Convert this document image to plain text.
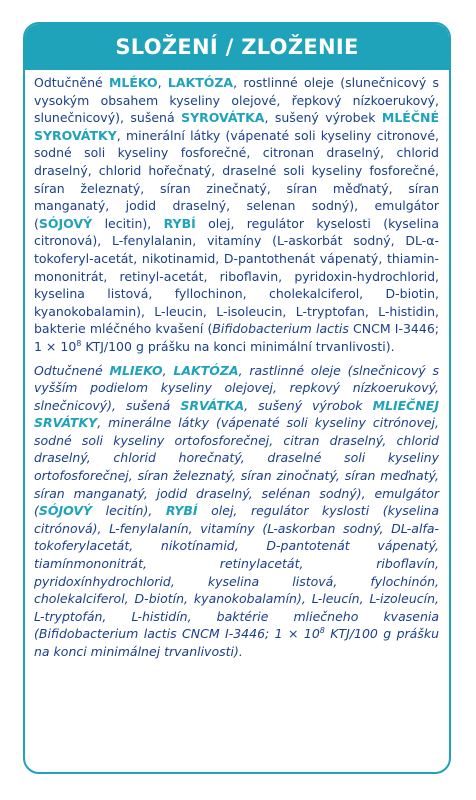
SLOŽENÍ / ZLOŽENIE

Odtučněné MLÉKO, LAKTÓZA, rostlinné oleje (slunečnicový s vysokým obsahem kyseliny olejové, řepkový nízkoerukový, slunečnicový), sušená SYROVÁTKA, sušený výrobek MLÉČNÉ SYROVÁTKY, minerální látky (vápenaté soli kyseliny citronové, sodné soli kyseliny fosforečné, citronan draselný, chlorid draselný, chlorid hořečnatý, draselné soli kyseliny fosforečné, síran železnatý, síran zinečnatý, síran měďnatý, síran manganatý, jodid draselný, selenan sodný), emulgátor (SÓJOVÝ lecitin), RYBÍ olej, regulátor kyselosti (kyselina citronová), L-fenylalanin, vitamíny (L-askorbát sodný, DL-α-tokoferyl-acetát, nikotinamid, D-pantothenát vápenatý, thiamin-mononitrát, retinyl-acetát, riboflavin, pyridoxin-hydrochlorid, kyselina listová, fyllochinon, cholekalciferol, D-biotin, kyanokobalamin), L-leucin, L-isoleucin, L-tryptofan, L-histidin, bakterie mléčného kvašení (Bifidobacterium lactis CNCM I-3446; $1 \times 10^8$ KTJ/100 g prášku na konci minimální trvanlivosti).

Odtučnené MLIEKO, LAKTÓZA, rastlinné oleje (slnečnicový s vyšším podielom kyseliny olejovej, repkový nízkoerukový, slnečnicový), sušená SRVÁTKA, sušený výrobok MLIEČNEJ SRVÁTKY, minerálne látky (vápenaté soli kyseliny citrónovej, sodné soli kyseliny ortofosforečnej, citran draselný, chlorid draselný, chlorid horečnatý, draselné soli kyseliny ortofosforečnej, síran železnatý, síran zinočnatý, síran meďnatý, síran manganatý, jodid draselný, selénan sodný), emulgátor (SÓJOVÝ lecitín), RYBÍ olej, regulátor kyslosti (kyselina citrónová), L-fenylalanín, vitamíny (L-askorban sodný, DL-alfa-tokoferylacetát, nikotínamid, D-pantotenát vápenatý, tiamínmononitrát, retinylacetát, riboflavín, pyridoxínhydrochlorid, kyselina listová, fylochinón, cholekalciferol, D-biotín, kyanokobalamín), L-leucín, L-izoleucín, L-tryptofán, L-histidín, baktérie mliečneho kvasenia (Bifidobacterium lactis CNCM I-3446; $1 \times 10^8$ KTJ/100 g prášku na konci minimálnej trvanlivosti).
